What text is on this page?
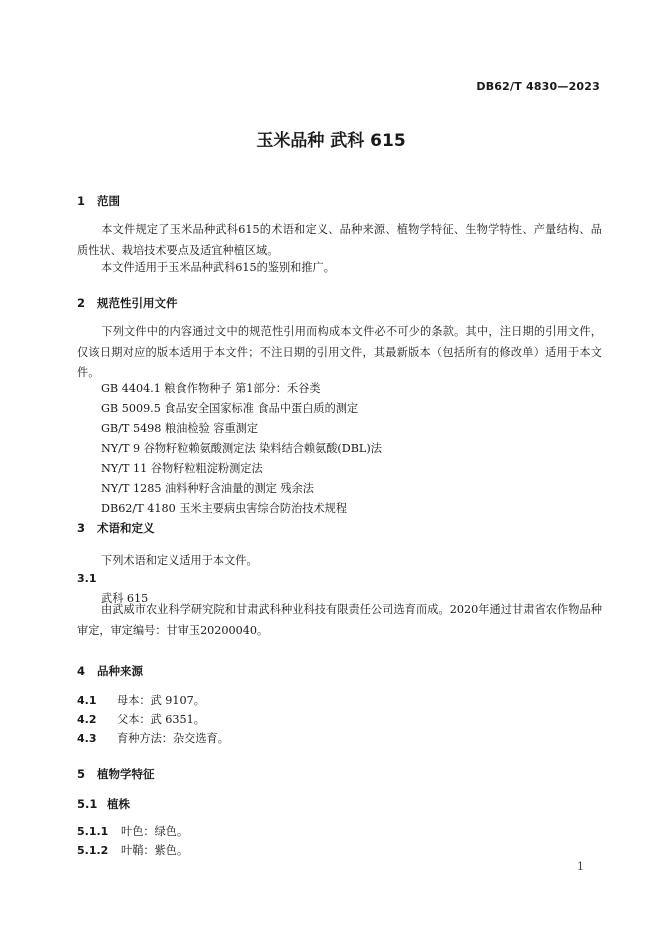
DB62/T 4830—2023
玉米品种 武科 615
1 范围
本文件规定了玉米品种武科615的术语和定义、品种来源、植物学特征、生物学特性、产量结构、品质性状、栽培技术要点及适宜种植区域。
本文件适用于玉米品种武科615的鉴别和推广。
2 规范性引用文件
下列文件中的内容通过文中的规范性引用而构成本文件必不可少的条款。其中，注日期的引用文件，仅该日期对应的版本适用于本文件；不注日期的引用文件，其最新版本（包括所有的修改单）适用于本文件。
GB 4404.1 粮食作物种子 第1部分：禾谷类
GB 5009.5 食品安全国家标准 食品中蛋白质的测定
GB/T 5498 粮油检验 容重测定
NY/T 9 谷物籽粒赖氨酸测定法 染料结合赖氨酸(DBL)法
NY/T 11 谷物籽粒粗淀粉测定法
NY/T 1285 油料种籽含油量的测定 残余法
DB62/T 4180 玉米主要病虫害综合防治技术规程
3 术语和定义
下列术语和定义适用于本文件。
3.1
武科 615
由武威市农业科学研究院和甘肃武科种业科技有限责任公司选育而成。2020年通过甘肃省农作物品种审定，审定编号：甘审玉20200040。
4 品种来源
4.1 母本：武 9107。
4.2 父本：武 6351。
4.3 育种方法：杂交选育。
5 植物学特征
5.1 植株
5.1.1 叶色：绿色。
5.1.2 叶鞘：紫色。
1
